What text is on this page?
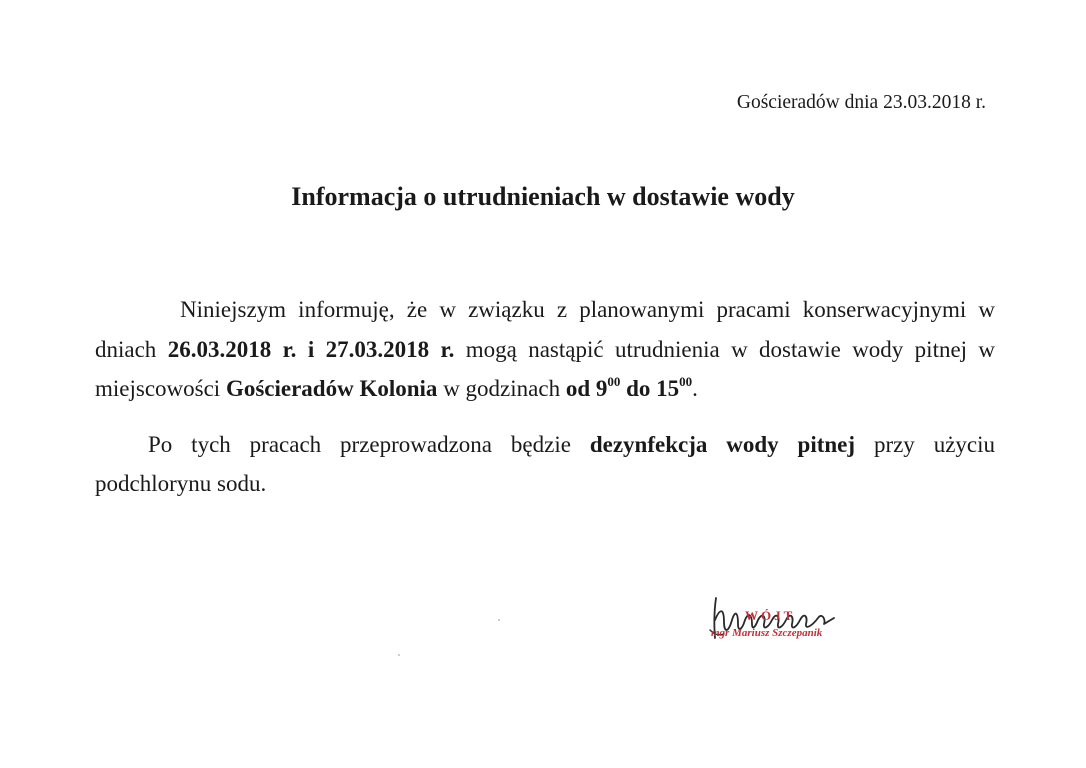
Gościeradów dnia 23.03.2018 r.
Informacja o utrudnieniach w dostawie wody

Niniejszym informuję, że w związku z planowanymi pracami konserwacyjnymi w dniach 26.03.2018 r. i 27.03.2018 r. mogą nastąpić utrudnienia w dostawie wody pitnej w miejscowości Gościeradów Kolonia w godzinach od $9^{00}$ do $15^{00}$.

Po tych pracach przeprowadzona będzie dezynfekcja wody pitnej przy użyciu podchlorynu sodu.

WÓJT
mgr Mariusz Szczepanik
